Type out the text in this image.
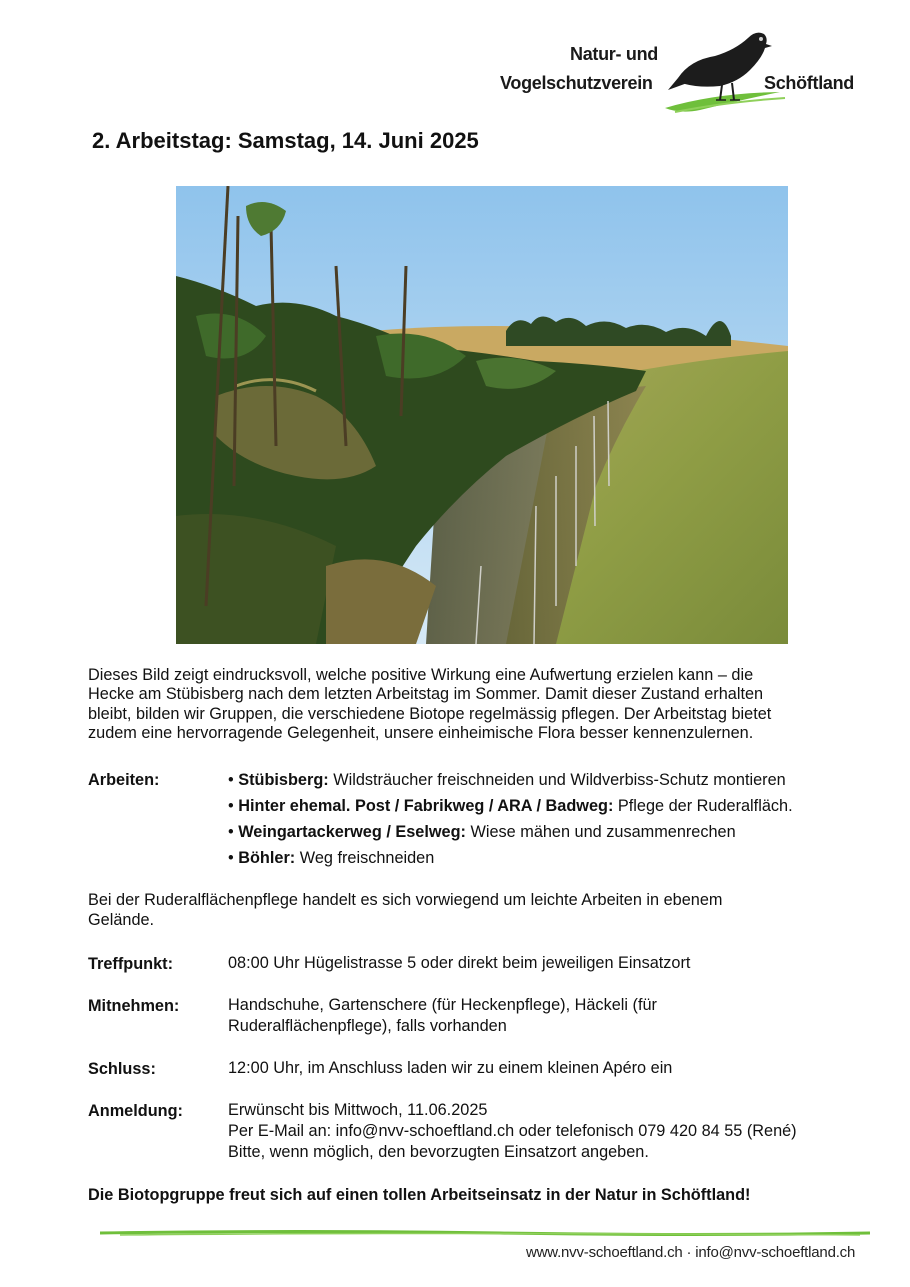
Natur- und
Vogelschutzverein	Schöftland
2. Arbeitstag: Samstag, 14. Juni 2025

Dieses Bild zeigt eindrucksvoll, welche positive Wirkung eine Aufwertung erzielen kann – die
Hecke am Stübisberg nach dem letzten Arbeitstag im Sommer. Damit dieser Zustand erhalten
bleibt, bilden wir Gruppen, die verschiedene Biotope regelmässig pflegen. Der Arbeitstag bietet
zudem eine hervorragende Gelegenheit, unsere einheimische Flora besser kennenzulernen.

Arbeiten:	• Stübisberg: Wildsträucher freischneiden und Wildverbiss-Schutz montieren
• Hinter ehemal. Post / Fabrikweg / ARA / Badweg: Pflege der Ruderalfläch.
• Weingartackerweg / Eselweg: Wiese mähen und zusammenrechen
• Böhler: Weg freischneiden

Bei der Ruderalflächenpflege handelt es sich vorwiegend um leichte Arbeiten in ebenem
Gelände.

Treffpunkt:	08:00 Uhr Hügelistrasse 5 oder direkt beim jeweiligen Einsatzort
Mitnehmen:	Handschuhe, Gartenschere (für Heckenpflege), Häckeli (für
Ruderalflächenpflege), falls vorhanden
Schluss:	12:00 Uhr, im Anschluss laden wir zu einem kleinen Apéro ein
Anmeldung:	Erwünscht bis Mittwoch, 11.06.2025
Per E-Mail an: info@nvv-schoeftland.ch oder telefonisch 079 420 84 55 (René)
Bitte, wenn möglich, den bevorzugten Einsatzort angeben.

Die Biotopgruppe freut sich auf einen tollen Arbeitseinsatz in der Natur in Schöftland!

www.nvv-schoeftland.ch · info@nvv-schoeftland.ch
